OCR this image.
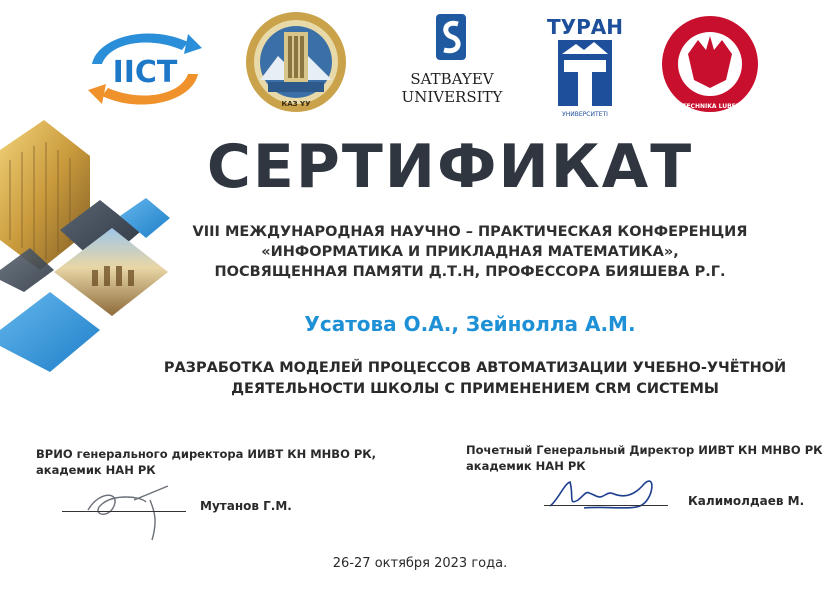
IICT
КАЗ ҰУ
SATBAYEV
UNIVERSITY
ТУРАН
УНИВЕРСИТЕТІ
POLITECHNIKA LUBELSKA
СЕРТИФИКАТ
VIII МЕЖДУНАРОДНАЯ НАУЧНО – ПРАКТИЧЕСКАЯ КОНФЕРЕНЦИЯ
«ИНФОРМАТИКА И ПРИКЛАДНАЯ МАТЕМАТИКА»,
ПОСВЯЩЕННАЯ ПАМЯТИ Д.Т.Н, ПРОФЕССОРА БИЯШЕВА Р.Г.
Усатова О.А., Зейнолла А.М.
РАЗРАБОТКА МОДЕЛЕЙ ПРОЦЕССОВ АВТОМАТИЗАЦИИ УЧЕБНО-УЧЁТНОЙ
ДЕЯТЕЛЬНОСТИ ШКОЛЫ С ПРИМЕНЕНИЕМ CRM СИСТЕМЫ
ВРИО генерального директора ИИВТ КН МНВО РК,
академик НАН РК
Мутанов Г.М.
Почетный Генеральный Директор ИИВТ КН МНВО РК
академик НАН РК
Калимолдаев М.
26-27 октября 2023 года.
